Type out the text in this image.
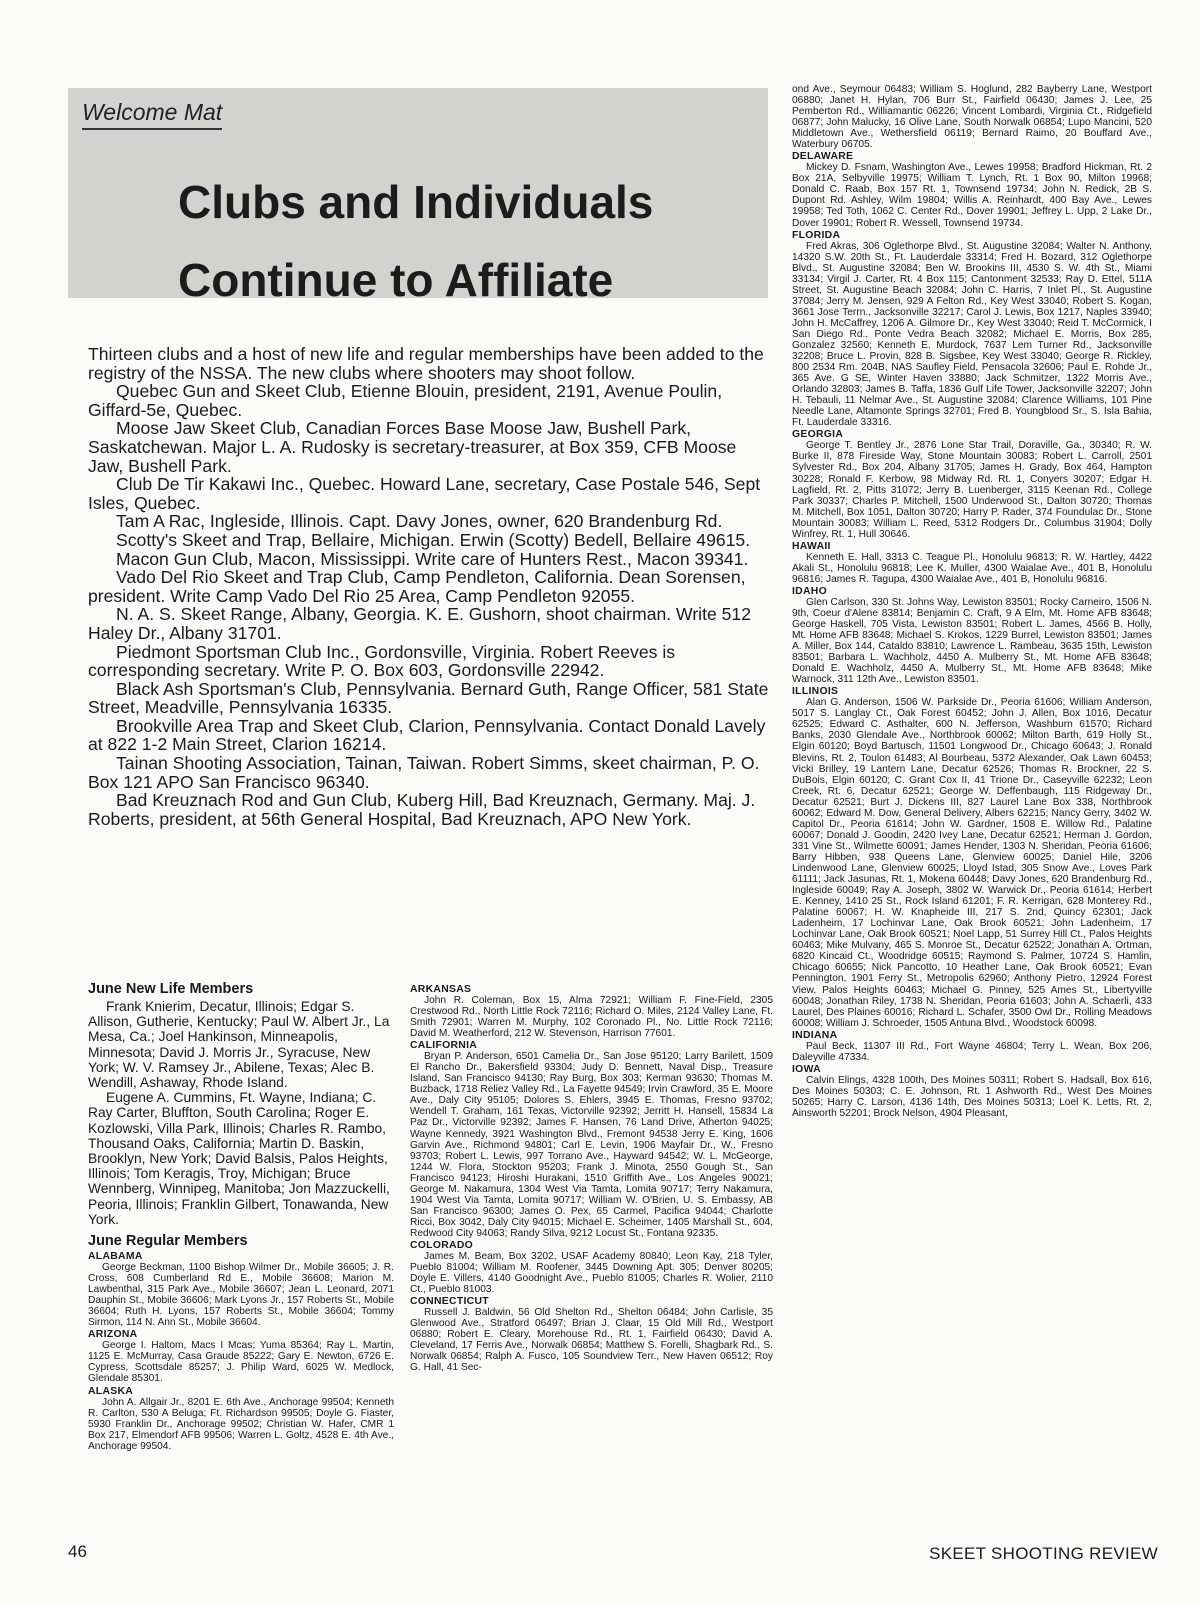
Welcome Mat
Clubs and Individuals
Continue to Affiliate

Thirteen clubs and a host of new life and regular memberships have been added to the registry of the NSSA. The new clubs where shooters may shoot follow.

Quebec Gun and Skeet Club, Etienne Blouin, president, 2191, Avenue Poulin, Giffard-5e, Quebec.

Moose Jaw Skeet Club, Canadian Forces Base Moose Jaw, Bushell Park, Saskatchewan. Major L. A. Rudosky is secretary-treasurer, at Box 359, CFB Moose Jaw, Bushell Park.

Club De Tir Kakawi Inc., Quebec. Howard Lane, secretary, Case Postale 546, Sept Isles, Quebec.

Tam A Rac, Ingleside, Illinois. Capt. Davy Jones, owner, 620 Brandenburg Rd.

Scotty's Skeet and Trap, Bellaire, Michigan. Erwin (Scotty) Bedell, Bellaire 49615.

Macon Gun Club, Macon, Mississippi. Write care of Hunters Rest., Macon 39341.

Vado Del Rio Skeet and Trap Club, Camp Pendleton, California. Dean Sorensen, president. Write Camp Vado Del Rio 25 Area, Camp Pendleton 92055.

N. A. S. Skeet Range, Albany, Georgia. K. E. Gushorn, shoot chairman. Write 512 Haley Dr., Albany 31701.

Piedmont Sportsman Club Inc., Gordonsville, Virginia. Robert Reeves is corresponding secretary. Write P. O. Box 603, Gordonsville 22942.

Black Ash Sportsman's Club, Pennsylvania. Bernard Guth, Range Officer, 581 State Street, Meadville, Pennsylvania 16335.

Brookville Area Trap and Skeet Club, Clarion, Pennsylvania. Contact Donald Lavely at 822 1-2 Main Street, Clarion 16214.

Tainan Shooting Association, Tainan, Taiwan. Robert Simms, skeet chairman, P. O. Box 121 APO San Francisco 96340.

Bad Kreuznach Rod and Gun Club, Kuberg Hill, Bad Kreuznach, Germany. Maj. J. Roberts, president, at 56th General Hospital, Bad Kreuznach, APO New York.

June New Life Members

Frank Knierim, Decatur, Illinois; Edgar S. Allison, Gutherie, Kentucky; Paul W. Albert Jr., La Mesa, Ca.; Joel Hankinson, Minneapolis, Minnesota; David J. Morris Jr., Syracuse, New York; W. V. Ramsey Jr., Abilene, Texas; Alec B. Wendill, Ashaway, Rhode Island.

Eugene A. Cummins, Ft. Wayne, Indiana; C. Ray Carter, Bluffton, South Carolina; Roger E. Kozlowski, Villa Park, Illinois; Charles R. Rambo, Thousand Oaks, California; Martin D. Baskin, Brooklyn, New York; David Balsis, Palos Heights, Illinois; Tom Keragis, Troy, Michigan; Bruce Wennberg, Winnipeg, Manitoba; Jon Mazzuckelli, Peoria, Illinois; Franklin Gilbert, Tonawanda, New York.

June Regular Members
ALABAMA
George Beckman, 1100 Bishop Wilmer Dr., Mobile 36605; J. R. Cross, 608 Cumberland Rd E., Mobile 36608; Marion M. Lawbenthal, 315 Park Ave., Mobile 36607; Jean L. Leonard, 2071 Dauphin St., Mobile 36606; Mark Lyons Jr., 157 Roberts St., Mobile 36604; Ruth H. Lyons, 157 Roberts St., Mobile 36604; Tommy Sirmon, 114 N. Ann St., Mobile 36604.
ARIZONA
George I. Haltom, Macs I Mcas; Yuma 85364; Ray L. Martin, 1125 E. McMurray, Casa Graude 85222; Gary E. Newton, 6726 E. Cypress, Scottsdale 85257; J. Philip Ward, 6025 W. Medlock, Glendale 85301.
ALASKA
John A. Allgair Jr., 8201 E. 6th Ave., Anchorage 99504; Kenneth R. Carlton, 530 A Beluga; Ft. Richardson 99505; Doyle G. Fiaster, 5930 Franklin Dr., Anchorage 99502; Christian W. Hafer, CMR 1 Box 217, Elmendorf AFB 99506; Warren L. Goltz, 4528 E. 4th Ave., Anchorage 99504.
ARKANSAS
John R. Coleman, Box 15, Alma 72921; William F. Fine-Field, 2305 Crestwood Rd., North Little Rock 72116; Richard O. Miles, 2124 Valley Lane, Ft. Smith 72901; Warren M. Murphy, 102 Coronado Pl., No. Little Rock 72116; David M. Weatherford, 212 W. Stevenson, Harrison 77601.
CALIFORNIA
Bryan P. Anderson, 6501 Camelia Dr., San Jose 95120; Larry Barilett, 1509 El Rancho Dr., Bakersfield 93304; Judy D. Bennett, Naval Disp., Treasure Island, San Francisco 94130; Ray Burg, Box 303; Kerman 93630; Thomas M. Buzback, 1718 Reliez Valley Rd., La Fayette 94549; Irvin Crawford, 35 E. Moore Ave., Daly City 95105; Dolores S. Ehlers, 3945 E. Thomas, Fresno 93702; Wendell T. Graham, 161 Texas, Victorville 92392; Jerritt H. Hansell, 15834 La Paz Dr., Victorville 92392; James F. Hansen, 76 Land Drive, Atherton 94025; Wayne Kennedy, 3921 Washington Blvd., Fremont 94538 Jerry E. King, 1606 Garvin Ave., Richmond 94801; Carl E. Levin, 1906 Mayfair Dr., W., Fresno 93703; Robert L. Lewis, 997 Torrano Ave., Hayward 94542; W. L. McGeorge, 1244 W. Flora, Stockton 95203; Frank J. Minota, 2550 Gough St., San Francisco 94123; Hiroshi Hurakani, 1510 Griffith Ave., Los Angeles 90021; George M. Nakamura, 1304 West Via Tamta, Lomita 90717; Terry Nakamura, 1904 West Via Tamta, Lomita 90717; William W. O'Brien, U. S. Embassy, AB San Francisco 96300; James O. Pex, 65 Carmel, Pacifica 94044; Charlotte Ricci, Box 3042, Daly City 94015; Michael E. Scheimer, 1405 Marshall St., 604, Redwood City 94063; Randy Silva, 9212 Locust St., Fontana 92335.
COLORADO
James M. Beam, Box 3202, USAF Academy 80840; Leon Kay, 218 Tyler, Pueblo 81004; William M. Roofener, 3445 Downing Apt. 305; Denver 80205; Doyle E. Villers, 4140 Goodnight Ave., Pueblo 81005; Charles R. Wolier, 2110 Ct., Pueblo 81003.
CONNECTICUT
Russell J. Baldwin, 56 Old Shelton Rd., Shelton 06484; John Carlisle, 35 Glenwood Ave., Stratford 06497; Brian J. Claar, 15 Old Mill Rd., Westport 06880; Robert E. Cleary, Morehouse Rd., Rt. 1, Fairfield 06430; David A. Cleveland, 17 Ferris Ave., Norwalk 06854; Matthew S. Forelli, Shagbark Rd., S. Norwalk 06854; Ralph A. Fusco, 105 Soundview Terr., New Haven 06512; Roy G. Hall, 41 Sec-
ond Ave., Seymour 06483; William S. Hoglund, 282 Bayberry Lane, Westport 06880; Janet H. Hylan, 706 Burr St., Fairfield 06430; James J. Lee, 25 Pemberton Rd., Williamantic 06226; Vincent Lombardi, Virginia Ct., Ridgefield 06877; John Malucky, 16 Olive Lane, South Norwalk 06854; Lupo Mancini, 520 Middletown Ave., Wethersfield 06119; Bernard Raimo, 20 Bouffard Ave., Waterbury 06705.
DELAWARE
Mickey D. Fsnam, Washington Ave., Lewes 19958; Bradford Hickman, Rt. 2 Box 21A, Selbyville 19975; William T. Lynch, Rt. 1 Box 90, Milton 19968; Donald C. Raab, Box 157 Rt. 1, Townsend 19734; John N. Redick, 2B S. Dupont Rd. Ashley, Wilm 19804; Willis A. Reinhardt, 400 Bay Ave., Lewes 19958; Ted Toth, 1062 C. Center Rd., Dover 19901; Jeffrey L. Upp, 2 Lake Dr., Dover 19901; Robert R. Wessell, Townsend 19734.
FLORIDA
Fred Akras, 306 Oglethorpe Blvd., St. Augustine 32084; Walter N. Anthony, 14320 S.W. 20th St., Ft. Lauderdale 33314; Fred H. Bozard, 312 Oglethorpe Blvd., St. Augustine 32084; Ben W. Brookins III, 4530 S. W. 4th St., Miami 33134; Virgil J. Carter, Rt. 4 Box 115; Cantonment 32533; Ray D. Ettel, 511A Street, St. Augustine Beach 32084; John C. Harris, 7 Inlet Pl., St. Augustine 37084; Jerry M. Jensen, 929 A Felton Rd., Key West 33040; Robert S. Kogan, 3661 Jose Terrn., Jacksonville 32217; Carol J. Lewis, Box 1217, Naples 33940; John H. McCaffrey, 1206 A. Gilmore Dr., Key West 33040; Reid T. McCormick, I San Diego Rd., Ponte Vedra Beach 32082; Michael E. Morris, Box 285, Gonzalez 32560; Kenneth E. Murdock, 7637 Lem Turner Rd., Jacksonville 32208; Bruce L. Provin, 828 B. Sigsbee, Key West 33040; George R. Rickley, 800 2534 Rm. 204B, NAS Saufley Field, Pensacola 32606; Paul E. Rohde Jr., 365 Ave. G SE, Winter Haven 33880; Jack Schmitzer, 1322 Morris Ave., Orlando 32803; James B. Taffa, 1836 Gulf Life Tower, Jacksonville 32207; John H. Tebauli, 11 Nelmar Ave., St. Augustine 32084; Clarence Williams, 101 Pine Needle Lane, Altamonte Springs 32701; Fred B. Youngblood Sr., S. Isla Bahia, Ft. Lauderdale 33316.
GEORGIA
George T. Bentley Jr., 2876 Lone Star Trail, Doraville, Ga., 30340; R. W. Burke II, 878 Fireside Way, Stone Mountain 30083; Robert L. Carroll, 2501 Sylvester Rd., Box 204, Albany 31705; James H. Grady, Box 464, Hampton 30228; Ronald F. Kerbow, 98 Midway Rd. Rt. 1, Conyers 30207; Edgar H. Lagfield, Rt. 2, Pitts 31072; Jerry B. Luenberger, 3115 Keenan Rd., College Park 30337; Charles P. Mitchell, 1500 Underwood St., Dalton 30720; Thomas M. Mitchell, Box 1051, Dalton 30720; Harry P. Rader, 374 Foundulac Dr., Stone Mountain 30083; William L. Reed, 5312 Rodgers Dr., Columbus 31904; Dolly Winfrey, Rt. 1, Hull 30646.
HAWAII
Kenneth E. Hall, 3313 C. Teague Pl., Honolulu 96813; R. W. Hartley, 4422 Akali St., Honolulu 96818; Lee K. Muller, 4300 Waialae Ave., 401 B, Honolulu 96816; James R. Tagupa, 4300 Waialae Ave., 401 B, Honolulu 96816.
IDAHO
Glen Carlson, 330 St. Johns Way, Lewiston 83501; Rocky Carneiro, 1506 N. 9th, Coeur d'Alene 83814; Benjamin C. Craft, 9 A Elm, Mt. Home AFB 83648; George Haskell, 705 Vista, Lewiston 83501; Robert L. James, 4566 B. Holly, Mt. Home AFB 83648; Michael S. Krokos, 1229 Burrel, Lewiston 83501; James A. Miller, Box 144, Cataldo 83810; Lawrence L. Rambeau, 3635 15th, Lewiston 83501; Barbara L. Wachholz, 4450 A. Mulberry St., Mt. Home AFB 83648; Donald E. Wachholz, 4450 A. Mulberry St., Mt. Home AFB 83648; Mike Warnock, 311 12th Ave., Lewiston 83501.
ILLINOIS
Alan G. Anderson, 1506 W. Parkside Dr., Peoria 61606; William Anderson, 5017 S. Langlay Ct., Oak Forest 60452; John J. Allen, Box 1016, Decatur 62525; Edward C. Asthalter, 600 N. Jefferson, Washburn 61570; Richard Banks, 2030 Glendale Ave., Northbrook 60062; Milton Barth, 619 Holly St., Elgin 60120; Boyd Bartusch, 11501 Longwood Dr., Chicago 60643; J. Ronald Blevins, Rt. 2, Toulon 61483; Al Bourbeau, 5372 Alexander, Oak Lawn 60453; Vicki Brilley, 19 Lantern Lane, Decatur 62526; Thomas R. Brockner, 22 S. DuBois, Elgin 60120; C. Grant Cox II, 41 Trione Dr., Caseyville 62232; Leon Creek, Rt. 6, Decatur 62521; George W. Deffenbaugh, 115 Ridgeway Dr., Decatur 62521; Burt J. Dickens III, 827 Laurel Lane Box 338, Northbrook 60062; Edward M. Dow, General Delivery, Albers 62215; Nancy Gerry, 3402 W. Capitol Dr., Peoria 61614; John W. Gardner, 1508 E. Willow Rd., Palatine 60067; Donald J. Goodin, 2420 Ivey Lane, Decatur 62521; Herman J. Gordon, 331 Vine St., Wilmette 60091; James Hender, 1303 N. Sheridan, Peoria 61606; Barry Hibben, 938 Queens Lane, Glenview 60025; Daniel Hile, 3206 Lindenwood Lane, Glenview 60025; Lloyd Istad, 305 Snow Ave., Loves Park 61111; Jack Jasunas, Rt. 1, Mokena 60448; Davy Jones, 620 Brandenburg Rd., Ingleside 60049; Ray A. Joseph, 3802 W. Warwick Dr., Peoria 61614; Herbert E. Kenney, 1410 25 St., Rock Island 61201; F. R. Kerrigan, 628 Monterey Rd., Palatine 60067; H. W. Knapheide III, 217 S. 2nd, Quincy 62301; Jack Ladenheim, 17 Lochinvar Lane, Oak Brook 60521; John Ladenheim, 17 Lochinvar Lane, Oak Brook 60521; Noel Lapp, 51 Surrey Hill Ct., Palos Heights 60463; Mike Mulvany, 465 S. Monroe St., Decatur 62522; Jonathan A. Ortman, 6820 Kincaid Ct., Woodridge 60515; Raymond S. Palmer, 10724 S. Hamlin, Chicago 60655; Nick Pancotto, 10 Heather Lane, Oak Brook 60521; Evan Pennington, 1901 Ferry St., Metropolis 62960; Anthony Pietro, 12924 Forest View, Palos Heights 60463; Michael G. Pinney, 525 Ames St., Libertyville 60048; Jonathan Riley, 1738 N. Sheridan, Peoria 61603; John A. Schaerli, 433 Laurel, Des Plaines 60016; Richard L. Schafer, 3500 Owl Dr., Rolling Meadows 60008; William J. Schroeder, 1505 Antuna Blvd., Woodstock 60098.
INDIANA
Paul Beck, 11307 III Rd., Fort Wayne 46804; Terry L. Wean, Box 206, Daleyville 47334.
IOWA
Calvin Elings, 4328 100th, Des Moines 50311; Robert S. Hadsall, Box 616, Des Moines 50303; C. E. Johnson, Rt. 1 Ashworth Rd., West Des Moines 50265; Harry C. Larson, 4136 14th, Des Moines 50313; Loel K. Letts, Rt. 2, Ainsworth 52201; Brock Nelson, 4904 Pleasant,
46	SKEET SHOOTING REVIEW
